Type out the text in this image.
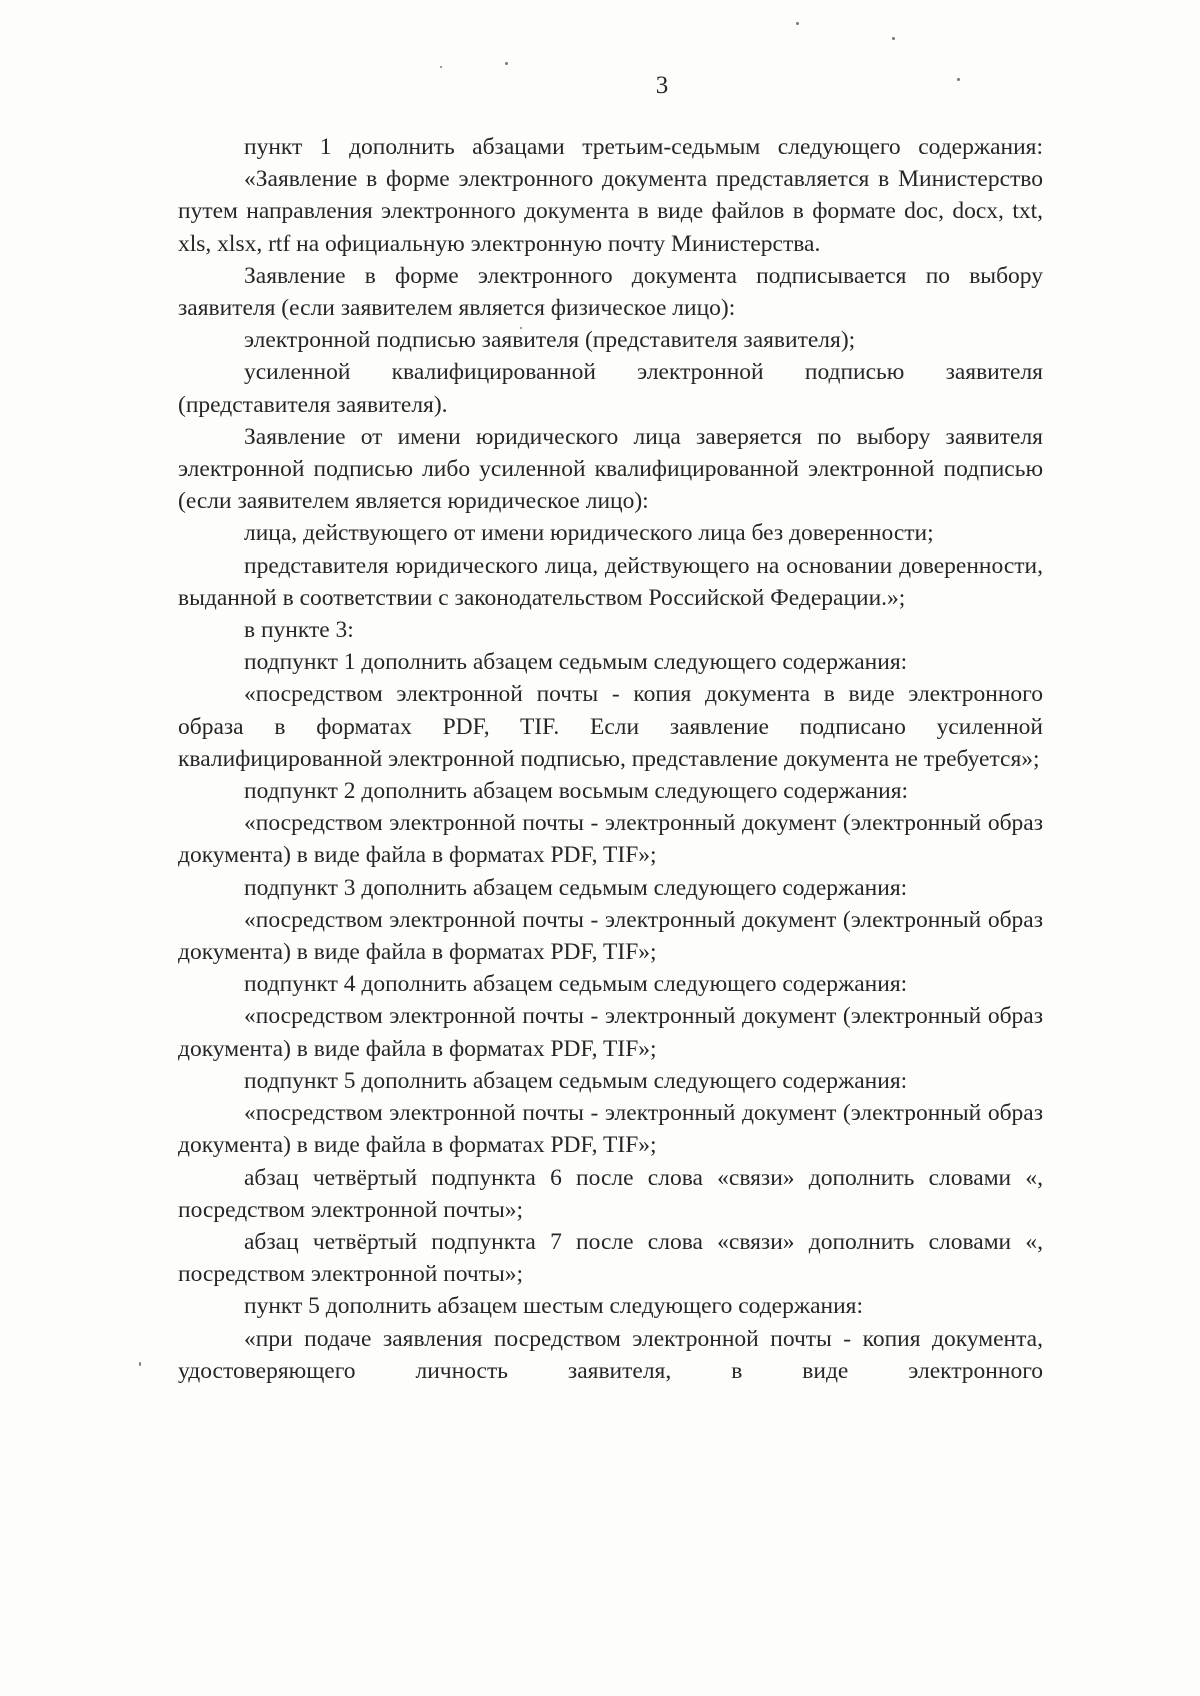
3

пункт 1 дополнить абзацами третьим-седьмым следующего содержания:

«Заявление в форме электронного документа представляется в Министерство путем направления электронного документа в виде файлов в формате doc, docx, txt, xls, xlsx, rtf на официальную электронную почту Министерства.

Заявление в форме электронного документа подписывается по выбору заявителя (если заявителем является физическое лицо):

электронной подписью заявителя (представителя заявителя);

усиленной квалифицированной электронной подписью заявителя (представителя заявителя).

Заявление от имени юридического лица заверяется по выбору заявителя электронной подписью либо усиленной квалифицированной электронной подписью (если заявителем является юридическое лицо):

лица, действующего от имени юридического лица без доверенности;

представителя юридического лица, действующего на основании доверенности, выданной в соответствии с законодательством Российской Федерации.»;

в пункте 3:

подпункт 1 дополнить абзацем седьмым следующего содержания:

«посредством электронной почты - копия документа в виде электронного образа в форматах PDF, TIF. Если заявление подписано усиленной квалифицированной электронной подписью, представление документа не требуется»;

подпункт 2 дополнить абзацем восьмым следующего содержания:

«посредством электронной почты - электронный документ (электронный образ документа) в виде файла в форматах PDF, TIF»;

подпункт 3 дополнить абзацем седьмым следующего содержания:

«посредством электронной почты - электронный документ (электронный образ документа) в виде файла в форматах PDF, TIF»;

подпункт 4 дополнить абзацем седьмым следующего содержания:

«посредством электронной почты - электронный документ (электронный образ документа) в виде файла в форматах PDF, TIF»;

подпункт 5 дополнить абзацем седьмым следующего содержания:

«посредством электронной почты - электронный документ (электронный образ документа) в виде файла в форматах PDF, TIF»;

абзац четвёртый подпункта 6 после слова «связи» дополнить словами «, посредством электронной почты»;

абзац четвёртый подпункта 7 после слова «связи» дополнить словами «, посредством электронной почты»;

пункт 5 дополнить абзацем шестым следующего содержания:

«при подаче заявления посредством электронной почты - копия документа, удостоверяющего личность заявителя, в виде электронного
